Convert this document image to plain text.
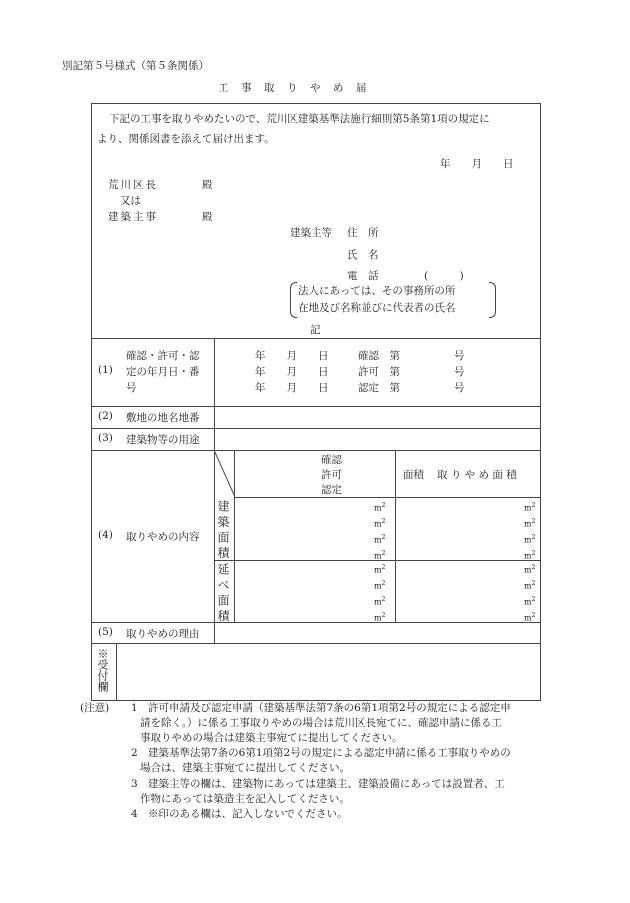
別記第５号様式（第５条関係）
工　事　取　り　や　め　届
下記の工事を取りやめたいので、荒川区建築基準法施行細則第5条第1項の規定に
より、関係図書を添えて届け出ます。
年　　月　　日
荒川区長	殿
又は
建築主事	殿
建築主等 住　所
氏　名
電　話	(　　　)
法人にあっては、その事務所の所
在地及び名称並びに代表者の氏名
記
(1)
確認・許可・認
定の年月日・番
号
年　　月　　日	確認　第	号
年　　月　　日	許可　第	号
年　　月　　日	認定　第	号
(2) 敷地の地名地番
(3) 建築物等の用途
(4) 取りやめの内容
確認
許可
認定
面積 取 り や め 面 積
建築面積
延べ面積
$m^2$	$m^2$
$m^2$	$m^2$
$m^2$	$m^2$
$m^2$	$m^2$
$m^2$	$m^2$
$m^2$	$m^2$
$m^2$	$m^2$
$m^2$	$m^2$
(5) 取りやめの理由
※受付欄
(注意) 1 許可申請及び認定申請（建築基準法第7条の6第1項第2号の規定による認定申
請を除く。）に係る工事取りやめの場合は荒川区長宛てに、確認申請に係る工
事取りやめの場合は建築主事宛てに提出してください。
2 建築基準法第7条の6第1項第2号の規定による認定申請に係る工事取りやめの
場合は、建築主事宛てに提出してください。
3 建築主等の欄は、建築物にあっては建築主、建築設備にあっては設置者、工
作物にあっては築造主を記入してください。
4 ※印のある欄は、記入しないでください。
